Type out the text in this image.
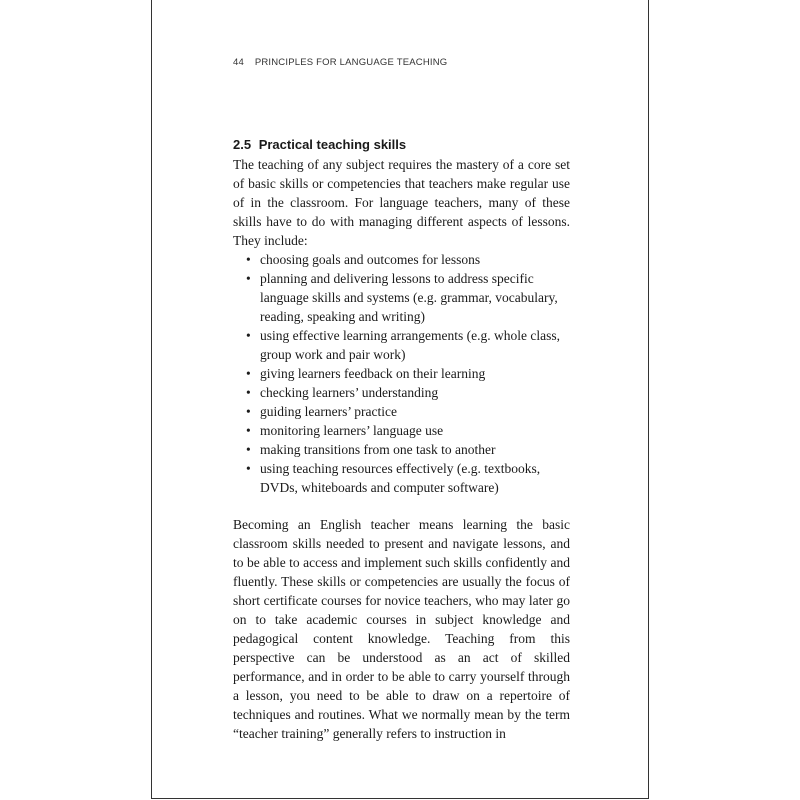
44 PRINCIPLES FOR LANGUAGE TEACHING
2.5 Practical teaching skills

The teaching of any subject requires the mastery of a core set of basic skills or competencies that teachers make regular use of in the classroom. For language teachers, many of these skills have to do with managing different aspects of lessons. They include:

• choosing goals and outcomes for lessons
• planning and delivering lessons to address specific language skills and systems (e.g. grammar, vocabulary, reading, speaking and writing)
• using effective learning arrangements (e.g. whole class, group work and pair work)
• giving learners feedback on their learning
• checking learners’ understanding
• guiding learners’ practice
• monitoring learners’ language use
• making transitions from one task to another
• using teaching resources effectively (e.g. textbooks, DVDs, whiteboards and computer software)

Becoming an English teacher means learning the basic classroom skills needed to present and navigate lessons, and to be able to access and implement such skills confidently and fluently. These skills or competencies are usually the focus of short certificate courses for novice teachers, who may later go on to take academic courses in subject knowledge and pedagogical content knowledge. Teaching from this perspective can be understood as an act of skilled performance, and in order to be able to carry yourself through a lesson, you need to be able to draw on a repertoire of techniques and routines. What we normally mean by the term “teacher training” generally refers to instruction in
